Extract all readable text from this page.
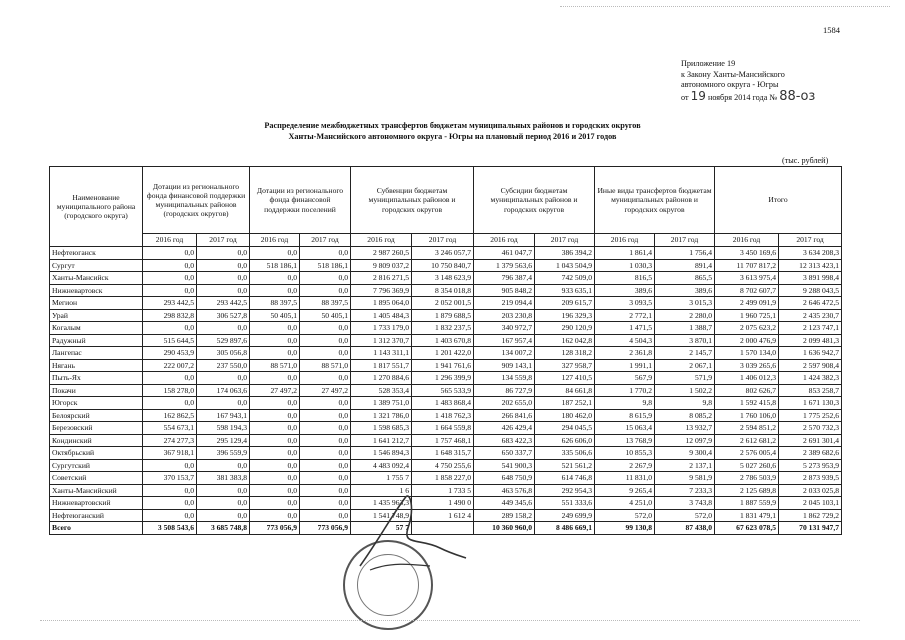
1584
Приложение 19
к Закону Ханты-Мансийского
автономного округа - Югры
от 19 ноября 2014 года № 88-оз
Распределение межбюджетных трансфертов бюджетам муниципальных районов и городских округов
Ханты-Мансийского автономного округа - Югры на плановый период 2016 и 2017 годов
(тыс. рублей)
Наименование муниципального района (городского округа)	Дотации из регионального фонда финансовой поддержки муниципальных районов (городских округов)		Дотации из регионального фонда финансовой поддержки поселений		Субвенции бюджетам муниципальных районов и городских округов		Субсидии бюджетам муниципальных районов и городских округов		Иные виды трансфертов бюджетам муниципальных районов и городских округов		Итого	
	2016 год	2017 год	2016 год	2017 год	2016 год	2017 год	2016 год	2017 год	2016 год	2017 год	2016 год	2017 год
Нефтеюганск	0,0	0,0	0,0	0,0	2 987 260,5	3 246 057,7	461 047,7	386 394,2	1 861,4	1 756,4	3 450 169,6	3 634 208,3
Сургут	0,0	0,0	518 186,1	518 186,1	9 809 037,2	10 750 840,7	1 379 563,6	1 043 504,9	1 030,3	891,4	11 707 817,2	12 313 423,1
Ханты-Мансийск	0,0	0,0	0,0	0,0	2 816 271,5	3 148 623,9	796 387,4	742 509,0	816,5	865,5	3 613 975,4	3 891 998,4
Нижневартовск	0,0	0,0	0,0	0,0	7 796 369,9	8 354 018,8	905 848,2	933 635,1	389,6	389,6	8 702 607,7	9 288 043,5
Мегион	293 442,5	293 442,5	88 397,5	88 397,5	1 895 064,0	2 052 001,5	219 094,4	209 615,7	3 093,5	3 015,3	2 499 091,9	2 646 472,5
Урай	298 832,8	306 527,8	50 405,1	50 405,1	1 405 484,3	1 879 688,5	203 230,8	196 329,3	2 772,1	2 280,0	1 960 725,1	2 435 230,7
Когалым	0,0	0,0	0,0	0,0	1 733 179,0	1 832 237,5	340 972,7	290 120,9	1 471,5	1 388,7	2 075 623,2	2 123 747,1
Радужный	515 644,5	529 897,6	0,0	0,0	1 312 370,7	1 403 670,8	167 957,4	162 042,8	4 504,3	3 870,1	2 000 476,9	2 099 481,3
Лангепас	290 453,9	305 056,8	0,0	0,0	1 143 311,1	1 201 422,0	134 007,2	128 318,2	2 361,8	2 145,7	1 570 134,0	1 636 942,7
Нягань	222 007,2	237 550,0	88 571,0	88 571,0	1 817 551,7	1 941 761,6	909 143,1	327 958,7	1 991,1	2 067,1	3 039 265,6	2 597 908,4
Пыть-Ях	0,0	0,0	0,0	0,0	1 270 884,6	1 296 399,9	134 559,8	127 410,5	567,9	571,9	1 406 012,3	1 424 382,3
Покачи	158 278,0	174 063,6	27 497,2	27 497,2	528 353,4	565 533,9	86 727,9	84 661,8	1 770,2	1 502,2	802 626,7	853 258,7
Югорск	0,0	0,0	0,0	0,0	1 389 751,0	1 483 868,4	202 655,0	187 252,1	9,8	9,8	1 592 415,8	1 671 130,3
Белоярский	162 862,5	167 943,1	0,0	0,0	1 321 786,0	1 418 762,3	266 841,6	180 462,0	8 615,9	8 085,2	1 760 106,0	1 775 252,6
Березовский	554 673,1	598 194,3	0,0	0,0	1 598 685,3	1 664 559,8	426 429,4	294 045,5	15 063,4	13 932,7	2 594 851,2	2 570 732,3
Кондинский	274 277,3	295 129,4	0,0	0,0	1 641 212,7	1 757 468,1	683 422,3	626 606,0	13 768,9	12 097,9	2 612 681,2	2 691 301,4
Октябрьский	367 918,1	396 559,9	0,0	0,0	1 546 894,3	1 648 315,7	650 337,7	335 506,6	10 855,3	9 300,4	2 576 005,4	2 389 682,6
Сургутский	0,0	0,0	0,0	0,0	4 483 092,4	4 750 255,6	541 900,3	521 561,2	2 267,9	2 137,1	5 027 260,6	5 273 953,9
Советский	370 153,7	381 383,8	0,0	0,0	1 755 7	1 858 227,0	648 750,9	614 746,8	11 831,0	9 581,9	2 786 503,9	2 873 939,5
Ханты-Мансийский	0,0	0,0	0,0	0,0	1 6	1 733 5	463 576,8	292 954,3	9 265,4	7 233,3	2 125 689,8	2 033 025,8
Нижневартовский	0,0	0,0	0,0	0,0	1 435 963,3	1 490 0	449 345,6	551 333,6	4 251,0	3 743,8	1 887 559,9	2 045 103,1
Нефтеюганский	0,0	0,0	0,0	0,0	1 541 748,9	1 612 4	289 158,2	249 699,9	572,0	572,0	1 831 479,1	1 862 729,2
Всего	3 508 543,6	3 685 748,8	773 056,9	773 056,9	57 7		10 360 960,0	8 486 669,1	99 130,8	87 438,0	67 623 078,5	70 131 947,7
